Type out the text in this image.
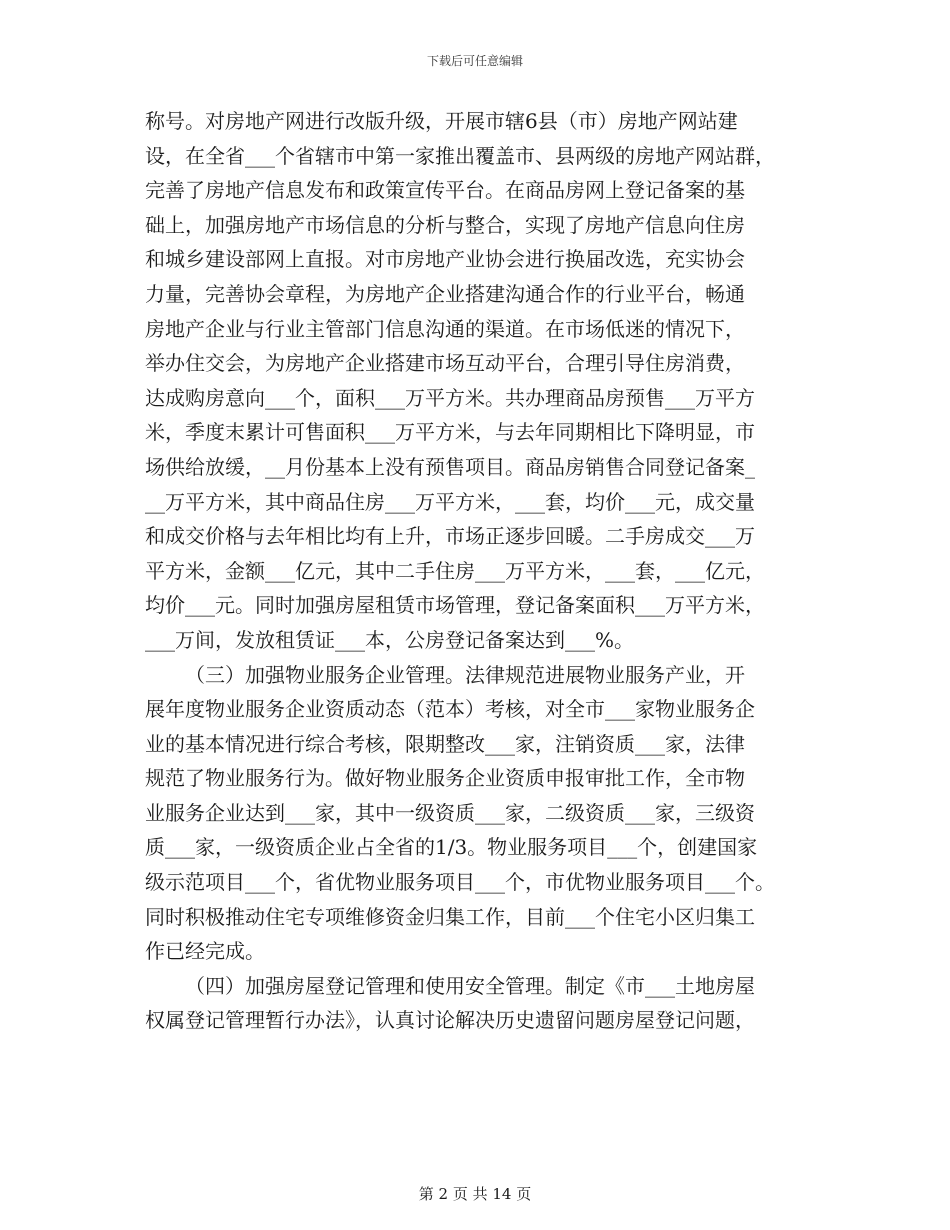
下载后可任意编辑
称号。对房地产网进行改版升级，开展市辖6县（市）房地产网站建
设，在全省___个省辖市中第一家推出覆盖市、县两级的房地产网站群，
完善了房地产信息发布和政策宣传平台。在商品房网上登记备案的基
础上，加强房地产市场信息的分析与整合，实现了房地产信息向住房
和城乡建设部网上直报。对市房地产业协会进行换届改选，充实协会
力量，完善协会章程，为房地产企业搭建沟通合作的行业平台，畅通
房地产企业与行业主管部门信息沟通的渠道。在市场低迷的情况下，
举办住交会，为房地产企业搭建市场互动平台，合理引导住房消费，
达成购房意向___个，面积___万平方米。共办理商品房预售___万平方
米，季度末累计可售面积___万平方米，与去年同期相比下降明显，市
场供给放缓，__月份基本上没有预售项目。商品房销售合同登记备案_
__万平方米，其中商品住房___万平方米，___套，均价___元，成交量
和成交价格与去年相比均有上升，市场正逐步回暖。二手房成交___万
平方米，金额___亿元，其中二手住房___万平方米，___套，___亿元，
均价___元。同时加强房屋租赁市场管理，登记备案面积___万平方米，
___万间，发放租赁证___本，公房登记备案达到___%。
（三）加强物业服务企业管理。法律规范进展物业服务产业，开
展年度物业服务企业资质动态（范本）考核，对全市___家物业服务企
业的基本情况进行综合考核，限期整改___家，注销资质___家，法律
规范了物业服务行为。做好物业服务企业资质申报审批工作，全市物
业服务企业达到___家，其中一级资质___家，二级资质___家，三级资
质___家，一级资质企业占全省的1/3。物业服务项目___个，创建国家
级示范项目___个，省优物业服务项目___个，市优物业服务项目___个。
同时积极推动住宅专项维修资金归集工作，目前___个住宅小区归集工
作已经完成。
（四）加强房屋登记管理和使用安全管理。制定《市___土地房屋
权属登记管理暂行办法》，认真讨论解决历史遗留问题房屋登记问题，
第 2 页 共 14 页
